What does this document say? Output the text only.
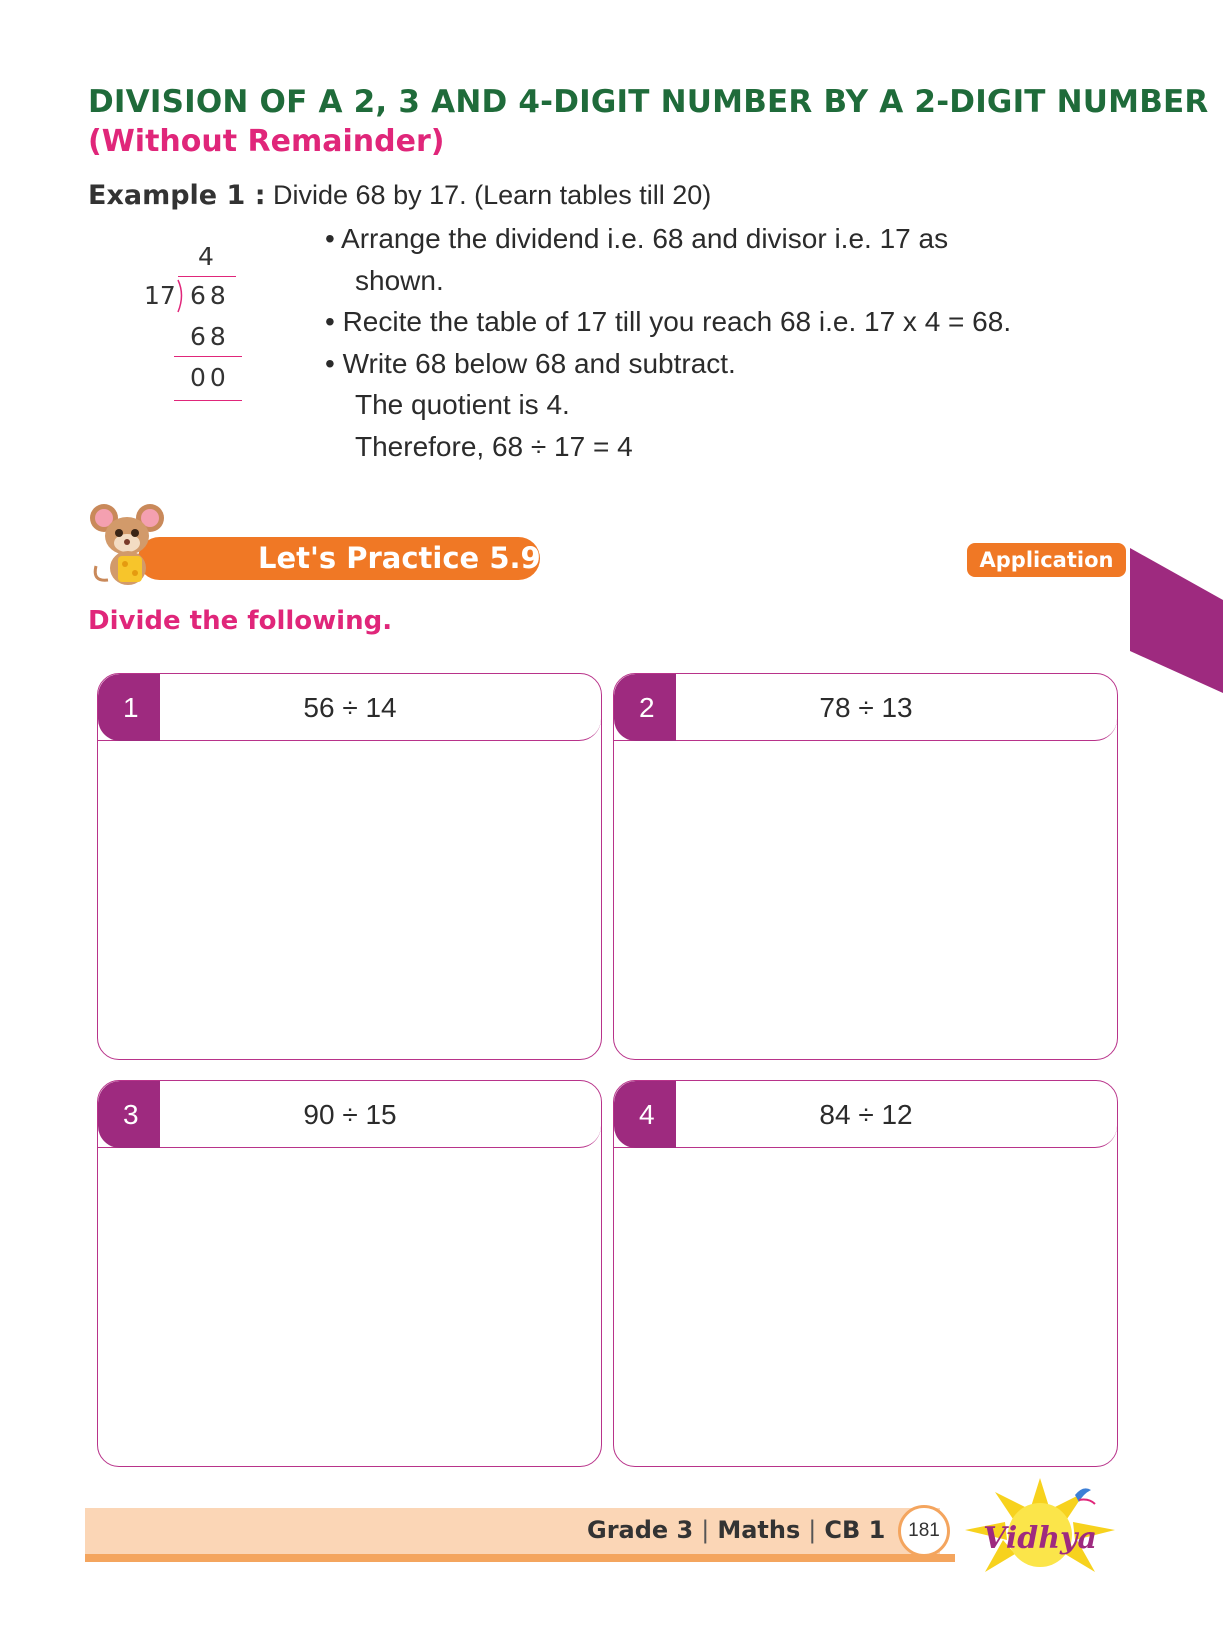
DIVISION OF A 2, 3 AND 4-DIGIT NUMBER BY A 2-DIGIT NUMBER
(Without Remainder)
Example 1 : Divide 68 by 17. (Learn tables till 20)
4
17 68
68
00
• Arrange the dividend i.e. 68 and divisor i.e. 17 as
shown.
• Recite the table of 17 till you reach 68 i.e. 17 x 4 = 68.
• Write 68 below 68 and subtract.
The quotient is 4.
Therefore, 68 ÷ 17 = 4
Let's Practice 5.9	Application
Divide the following.
1	56 ÷ 14	2	78 ÷ 13
3	90 ÷ 15	4	84 ÷ 12
Grade 3 | Maths | CB 1	181	Vidhya
